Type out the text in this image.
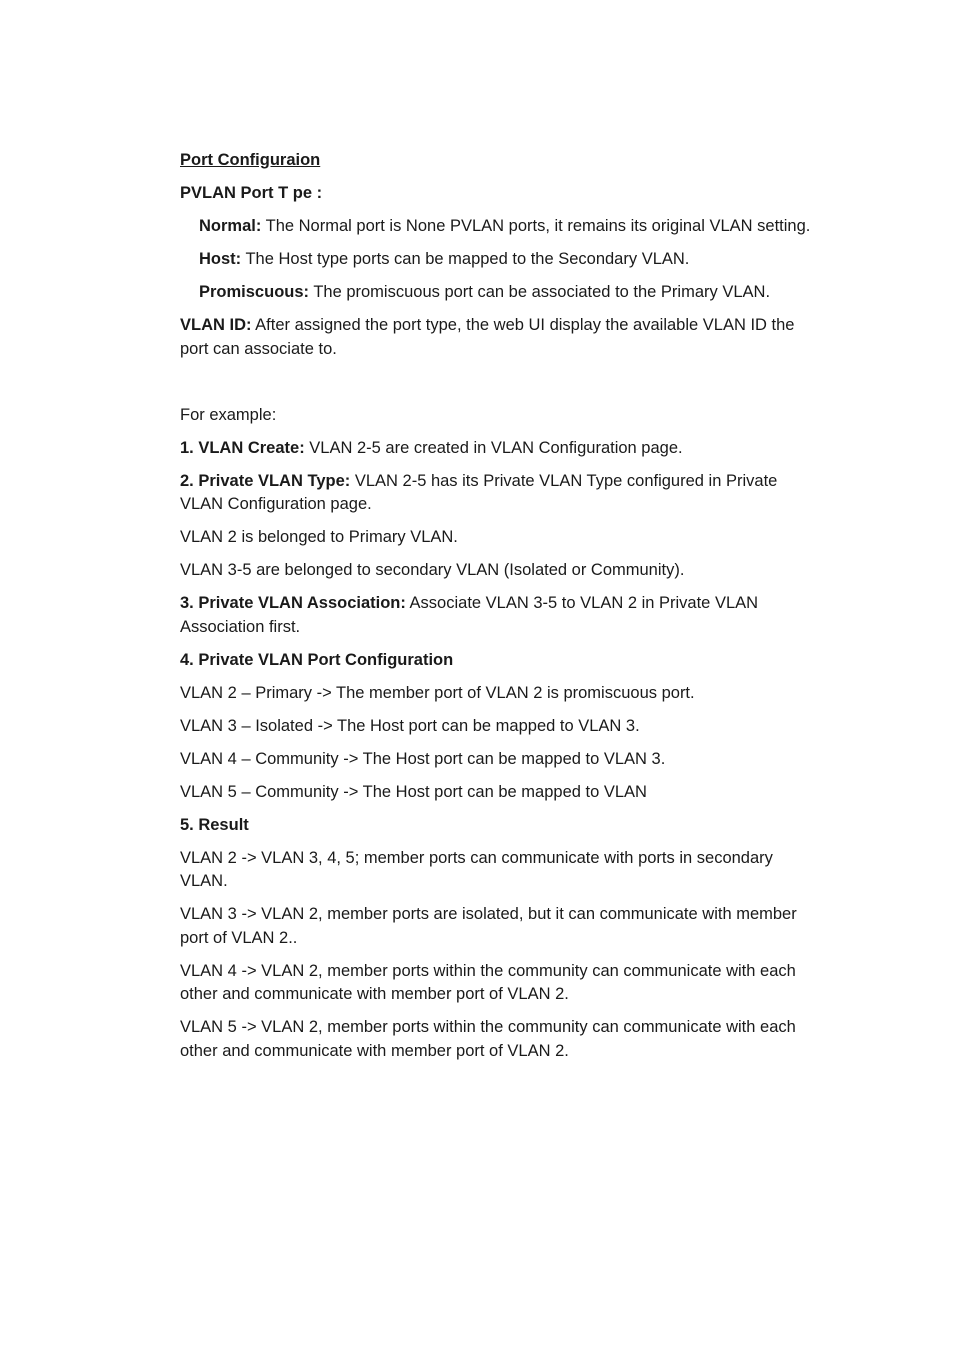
Port Configuraion

PVLAN Port T pe :

Normal: The Normal port is None PVLAN ports, it remains its original VLAN setting.

Host: The Host type ports can be mapped to the Secondary VLAN.

Promiscuous: The promiscuous port can be associated to the Primary VLAN.

VLAN ID: After assigned the port type, the web UI display the available VLAN ID the port can associate to.

For example:

1. VLAN Create: VLAN 2-5 are created in VLAN Configuration page.

2. Private VLAN Type: VLAN 2-5 has its Private VLAN Type configured in Private VLAN Configuration page.

VLAN 2 is belonged to Primary VLAN.

VLAN 3-5 are belonged to secondary VLAN (Isolated or Community).

3. Private VLAN Association: Associate VLAN 3-5 to VLAN 2 in Private VLAN Association first.

4. Private VLAN Port Configuration

VLAN 2 – Primary -> The member port of VLAN 2 is promiscuous port.

VLAN 3 – Isolated -> The Host port can be mapped to VLAN 3.

VLAN 4 – Community -> The Host port can be mapped to VLAN 3.

VLAN 5 – Community -> The Host port can be mapped to VLAN

5. Result

VLAN 2 -> VLAN 3, 4, 5; member ports can communicate with ports in secondary VLAN.

VLAN 3 -> VLAN 2, member ports are isolated, but it can communicate with member port of VLAN 2..

VLAN 4 -> VLAN 2, member ports within the community can communicate with each other and communicate with member port of VLAN 2.

VLAN 5 -> VLAN 2, member ports within the community can communicate with each other and communicate with member port of VLAN 2.
